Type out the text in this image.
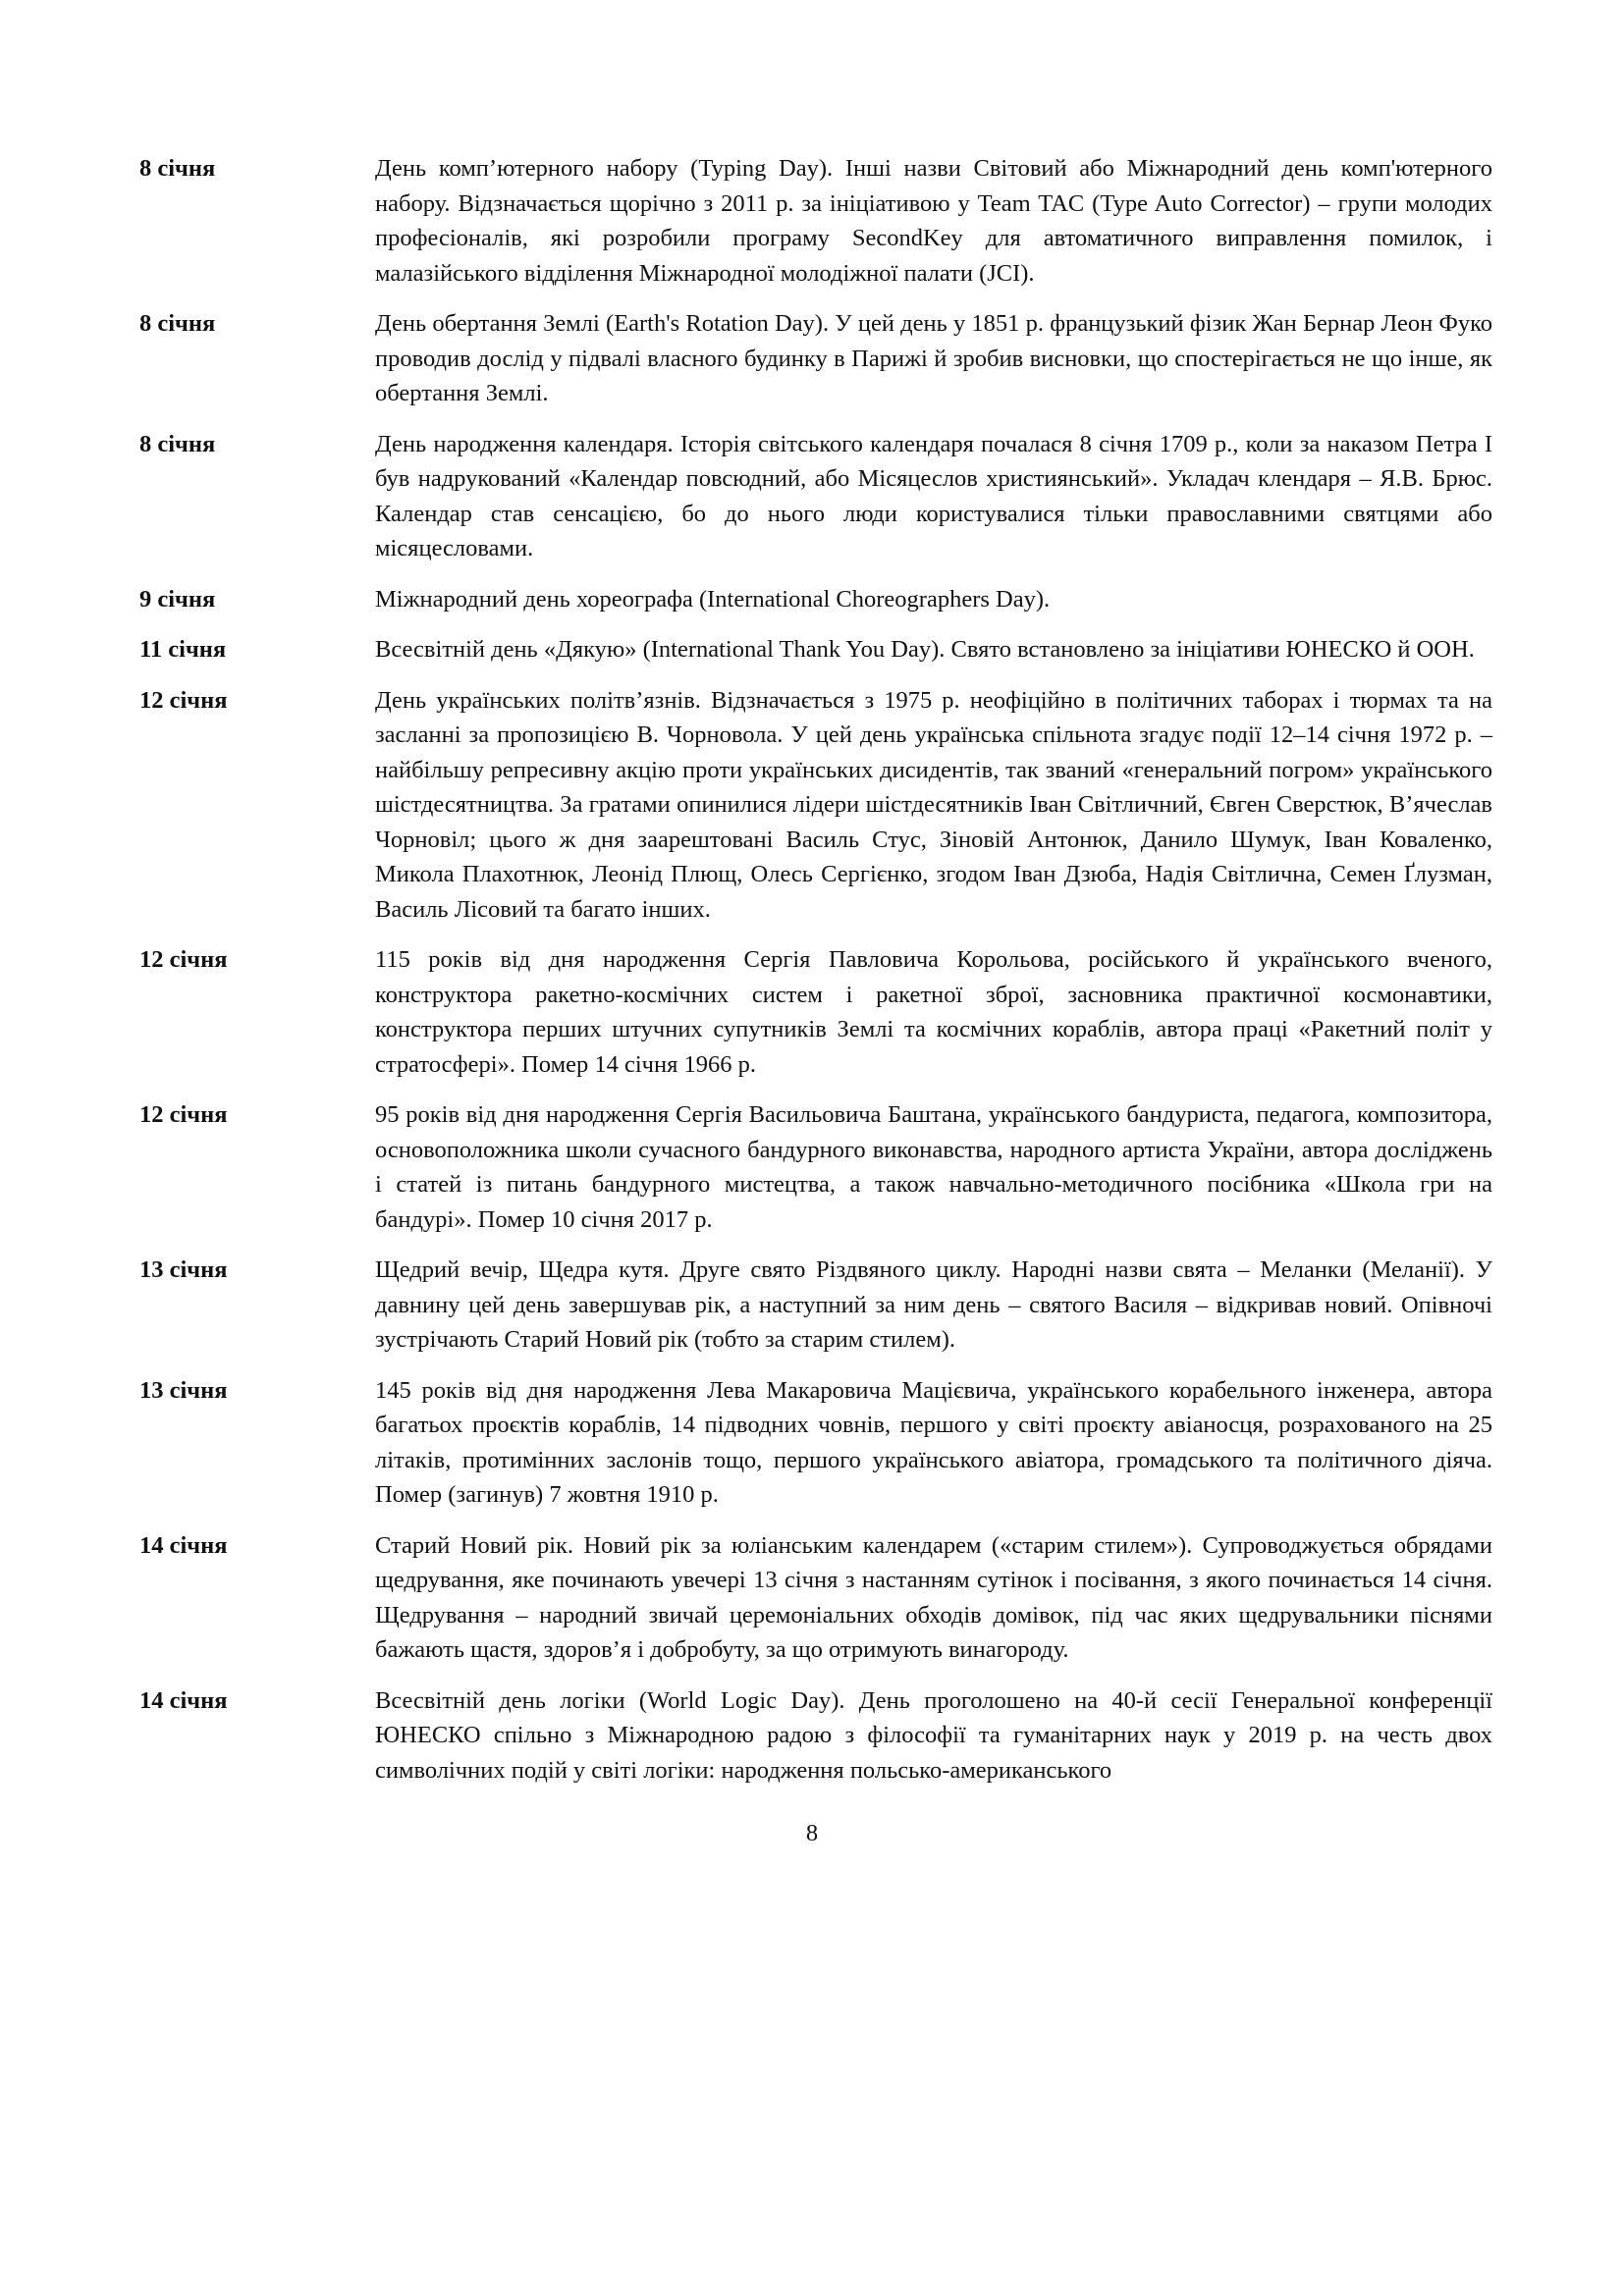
8 січня	День комп’ютерного набору (Typing Day). Інші назви Світовий або Міжнародний день комп'ютерного набору. Відзначається щорічно з 2011 р. за ініціативою у Team TAC (Type Auto Corrector) – групи молодих професіоналів, які розробили програму SecondKey для автоматичного виправлення помилок, і малазійського відділення Міжнародної молодіжної палати (JCI).
8 січня	День обертання Землі (Earth's Rotation Day). У цей день у 1851 р. французький фізик Жан Бернар Леон Фуко проводив дослід у підвалі власного будинку в Парижі й зробив висновки, що спостерігається не що інше, як обертання Землі.
8 січня	День народження календаря. Історія світського календаря почалася 8 січня 1709 р., коли за наказом Петра І був надрукований «Календар повсюдний, або Місяцеслов християнський». Укладач клендаря – Я.В. Брюс. Календар став сенсацією, бо до нього люди користувалися тільки православними святцями або місяцесловами.
9 січня	Міжнародний день хореографа (International Choreographers Day).
11 січня	Всесвітній день «Дякую» (International Thank You Day). Свято встановлено за ініціативи ЮНЕСКО й ООН.
12 січня	День українських політв’язнів. Відзначається з 1975 р. неофіційно в політичних таборах і тюрмах та на засланні за пропозицією В. Чорновола. У цей день українська спільнота згадує події 12–14 січня 1972 р. – найбільшу репресивну акцію проти українських дисидентів, так званий «генеральний погром» українського шістдесятництва. За гратами опинилися лідери шістдесятників Іван Світличний, Євген Сверстюк, В’ячеслав Чорновіл; цього ж дня заарештовані Василь Стус, Зіновій Антонюк, Данило Шумук, Іван Коваленко, Микола Плахотнюк, Леонід Плющ, Олесь Сергієнко, згодом Іван Дзюба, Надія Світлична, Семен Ґлузман, Василь Лісовий та багато інших.
12 січня	115 років від дня народження Сергія Павловича Корольова, російського й українського вченого, конструктора ракетно-космічних систем і ракетної зброї, засновника практичної космонавтики, конструктора перших штучних супутників Землі та космічних кораблів, автора праці «Ракетний політ у стратосфері». Помер 14 січня 1966 р.
12 січня	95 років від дня народження Сергія Васильовича Баштана, українського бандуриста, педагога, композитора, основоположника школи сучасного бандурного виконавства, народного артиста України, автора досліджень і статей із питань бандурного мистецтва, а також навчально-методичного посібника «Школа гри на бандурі». Помер 10 січня 2017 р.
13 січня	Щедрий вечір, Щедра кутя. Друге свято Різдвяного циклу. Народні назви свята – Меланки (Меланії). У давнину цей день завершував рік, а наступний за ним день – святого Василя – відкривав новий. Опівночі зустрічають Старий Новий рік (тобто за старим стилем).
13 січня	145 років від дня народження Лева Макаровича Мацієвича, українського корабельного інженера, автора багатьох проєктів кораблів, 14 підводних човнів, першого у світі проєкту авіаносця, розрахованого на 25 літаків, протимінних заслонів тощо, першого українського авіатора, громадського та політичного діяча. Помер (загинув) 7 жовтня 1910 р.
14 січня	Старий Новий рік. Новий рік за юліанським календарем («старим стилем»). Супроводжується обрядами щедрування, яке починають увечері 13 січня з настанням сутінок і посівання, з якого починається 14 січня. Щедрування – народний звичай церемоніальних обходів домівок, під час яких щедрувальники піснями бажають щастя, здоров’я і добробуту, за що отримують винагороду.
14 січня	Всесвітній день логіки (World Logic Day). День проголошено на 40-й сесії Генеральної конференції ЮНЕСКО спільно з Міжнародною радою з філософії та гуманітарних наук у 2019 р. на честь двох символічних подій у світі логіки: народження польсько-американського
8
